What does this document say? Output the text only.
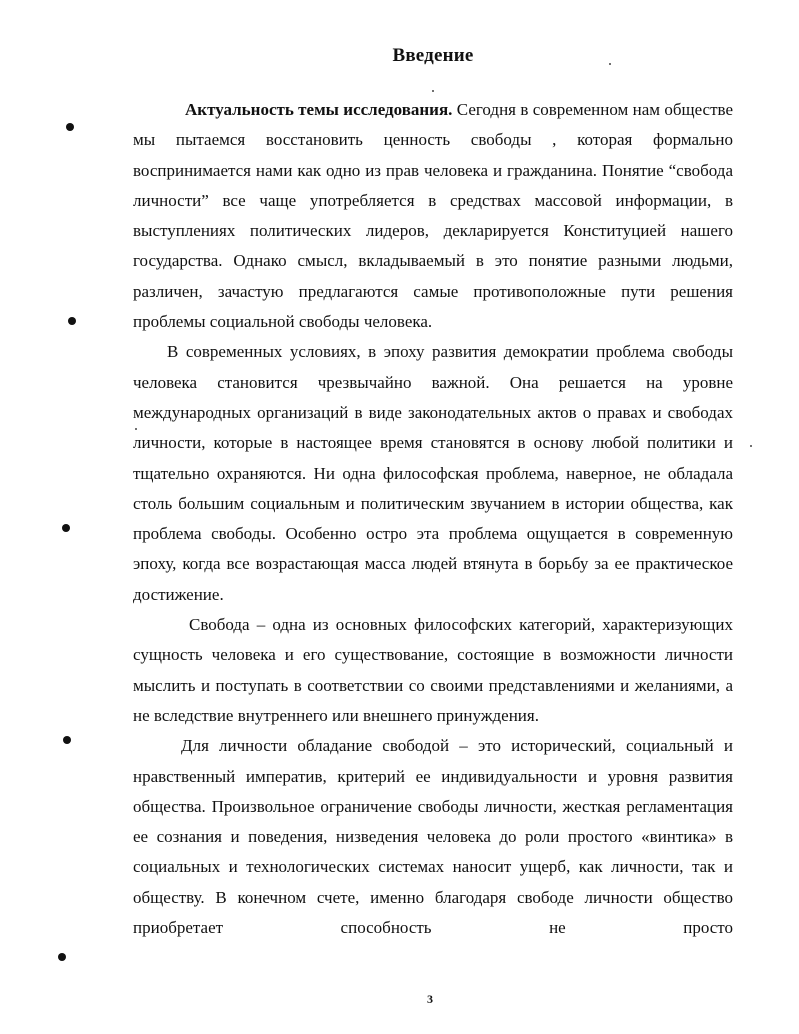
Введение

Актуальность темы исследования. Сегодня в современном нам обществе мы пытаемся восстановить ценность свободы , которая формально воспринимается нами как одно из прав человека и гражданина. Понятие “свобода личности” все чаще употребляется в средствах массовой информации, в выступлениях политических лидеров, декларируется Конституцией нашего государства. Однако смысл, вкладываемый в это понятие разными людьми, различен, зачастую предлагаются самые противоположные пути решения проблемы социальной свободы человека.

В современных условиях, в эпоху развития демократии проблема свободы человека становится чрезвычайно важной. Она решается на уровне международных организаций в виде законодательных актов о правах и свободах личности, которые в настоящее время становятся в основу любой политики и тщательно охраняются. Ни одна философская проблема, наверное, не обладала столь большим социальным и политическим звучанием в истории общества, как проблема свободы. Особенно остро эта проблема ощущается в современную эпоху, когда все возрастающая масса людей втянута в борьбу за ее практическое достижение.

Свобода – одна из основных философских категорий, характеризующих сущность человека и его существование, состоящие в возможности личности мыслить и поступать в соответствии со своими представлениями и желаниями, а не вследствие внутреннего или внешнего принуждения.

Для личности обладание свободой – это исторический, социальный и нравственный императив, критерий ее индивидуальности и уровня развития общества. Произвольное ограничение свободы личности, жесткая регламентация ее сознания и поведения, низведения человека до роли простого «винтика» в социальных и технологических системах наносит ущерб, как личности, так и обществу. В конечном счете, именно благодаря свободе личности общество приобретает способность не просто

3
